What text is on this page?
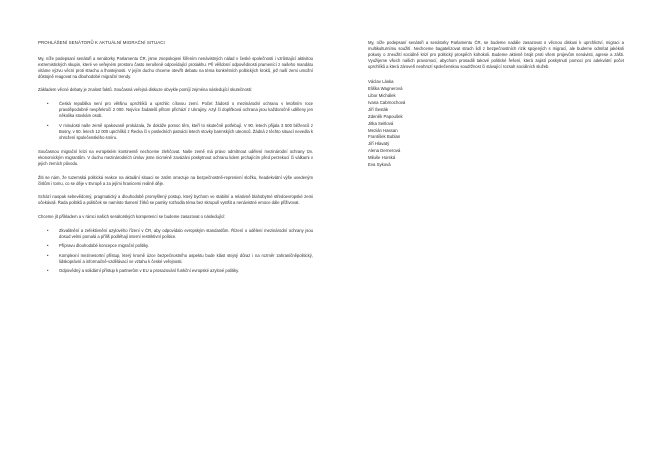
PROHLÁŠENÍ SENÁTORŮ K AKTUÁLNÍ MIGRAČNÍ SITUACI

My, níže podepsaní senátoři a senátorky Parlamentu ČR, jsme znepokojeni šířením nenávistných nálad v české společnosti i vzrůstající aktivitou extremistických skupin, které ve veřejném prostoru často nerušeně odpovídající protiakhu. Při věšdomí odpovědnosti pramenící z našeho mandátu vítáme výzvu věcní proti strachu a lhostejnosti. V jejím duchu chceme otevřít debatu na téma konkrétních politických kroků, jež naší zemi umožní důstojně reagovat na dlouhodobé migrační trendy.

Základem věcné debaty je znalost faktů. Současná veřejná diskuze obvykle pomíjí zejména následující skutečnosti:

•	Česká republika není pro většinu uprchlíků a uprchlic cílovou zemí. Počet žádostí o mezinárodní ochranu v letošním roce pravděpodobně nevpřekročí 2 000. Nejvíce žadatelů přitom přichází z Ukrajiny. Azyl či doplňková ochrana jsou každoročně uděleny jen několika stovkám osob.
•	V minulosti naše země opakovaně prokázala, že dokáže pomoc těm, kteří to skutečně potřebují. V 90. letech přijala 3 500 běženců z Bosny, v 50. letech 12 000 uprchlíků z Řecka či v posledních patnácti letech stovky barmských uteonců. Žádná z těchto situací nevedla k ohrožení společenského smíru.

Současnou migrační krizi na evropském kontinentě nechceme zlehčovat. Naše země má právo odmítnout udělení mezinárodní ochrany tzv. ekonomickým migrantům. V duchu mezinárodních úmluv jsme nicméně zavázáni poskytnout ochranu lidem prchajícím před perzekucí či válkami v jejich zemích původu.

Žiti se nám, že tuzemská politická reakce na aktuální situaci se zatím omezuje na bezpečnostně-represivní složku, headekvátní výše uvedeným číslům i tomu, co se děje v Evropě a za jejími hranicemi reálně děje.

Schází naopak sebevědomý, pragmatický a dlouhodobě promyšlený postup, který bychom ve stabilní a relativně blahobytné středoevropské zemi očekávali. Řada politiků a političek se namísto tlumení žírků se pamky rozhodla téma bez skrupulí vystšit a nenávistné emoce dále přiživovat.

Chceme jít příkladem a v rámci našich senátorských kompetencí se budeme zasazovat o následující:

•	Zkvalitnění a zefektivnění azylového řízení v ČR, aby odpovídalo evropským standardům. Řízení o udělení mezinárodní ochrany jsou dosud velmi pomalá a příliš podléhají interní restriktivní politice.
•	Přípravu dlouhodobé koncepce migrační politiky.
•	Komplexní mezinesortní přístup, který kromě úzce bezpečnostního aspektu bude klást stejný důraz i na rozměr zahraničněpolitický, lidskoprávní a informačně-vzdělávací ve vztahu k české veřejnosti.
•	Odpovědný a solidární přístup k partnerům v EU a prosazování funkční evropské azylové politiky.

My, níže podepsaní senátoři a senátorky Parlamentu ČR, se budeme nadále zasazovat o věcnou diskusi k uprchlictví, migraci a multikulturnímu soužití. Nechceme bagatelizovat strach lidí z bezpečnostních rizik spojených s migrací, ale budeme odmítat jakékoli pokusy o zneužití sociálně krizí pro politický prospěch kohokoli. Budeme aktivně brojit proti všem projevům nenávisti, agrese a zášti. Využijeme všech našich pravomocí, abychom prosadili takové politické řešení, která zajistí poskytnutí pomoci pro adekvátní počet uprchlíků a která zároveň neohrozí společenskou soudržnost či stávající rozsah sociálních služeb.

Václav Láska
Eliška Wagnerová
Libor Michálek
Ivana Cabrnochová
Jiří Šesták
Zdeněk Papoušek
Jitka Seitlová
Mezián Hassan
František Bublan
Jiří Hlavatý
Alena Dernerová
Miluše Horská
Eva Syková
